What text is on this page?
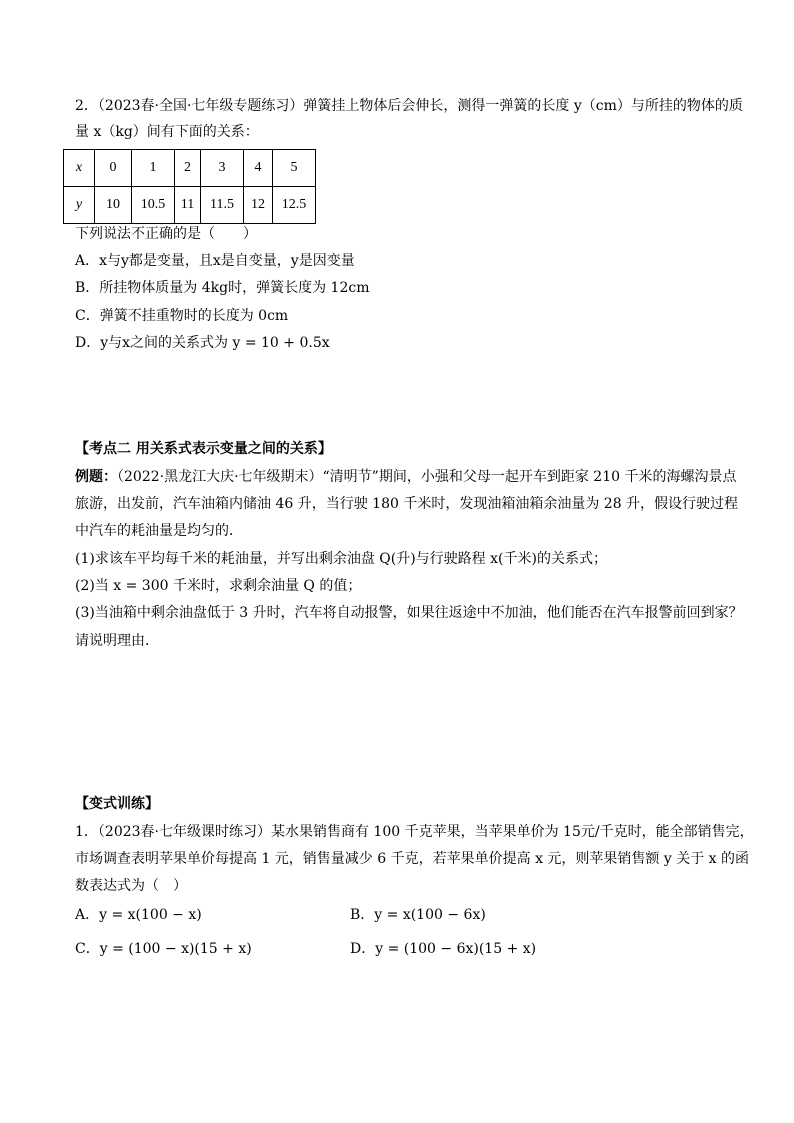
2．（2023春·全国·七年级专题练习）弹簧挂上物体后会伸长，测得一弹簧的长度 y（cm）与所挂的物体的质
量 x（kg）间有下面的关系：
x	0	1	2	3	4	5
y	10	10.5	11	11.5	12	12.5
下列说法不正确的是（　　）
A．x与y都是变量，且x是自变量，y是因变量
B．所挂物体质量为 4kg时，弹簧长度为 12cm
C．弹簧不挂重物时的长度为 0cm
D．y与x之间的关系式为 y = 10 + 0.5x
【考点二 用关系式表示变量之间的关系】
例题：（2022·黑龙江大庆·七年级期末）“清明节”期间，小强和父母一起开车到距家 210 千米的海螺沟景点
旅游，出发前，汽车油箱内储油 46 升，当行驶 180 千米时，发现油箱油箱余油量为 28 升，假设行驶过程
中汽车的耗油量是均匀的．
(1)求该车平均每千米的耗油量，并写出剩余油盘 Q(升)与行驶路程 x(千米)的关系式；
(2)当 x = 300 千米时，求剩余油量 Q 的值；
(3)当油箱中剩余油盘低于 3 升时，汽车将自动报警，如果往返途中不加油，他们能否在汽车报警前回到家？
请说明理由．
【变式训练】
1．（2023春·七年级课时练习）某水果销售商有 100 千克苹果，当苹果单价为 15元/千克时，能全部销售完，
市场调查表明苹果单价每提高 1 元，销售量减少 6 千克，若苹果单价提高 x 元，则苹果销售额 y 关于 x 的函
数表达式为（　）
A．y = x(100 − x)	B．y = x(100 − 6x)
C．y = (100 − x)(15 + x)	D．y = (100 − 6x)(15 + x)
